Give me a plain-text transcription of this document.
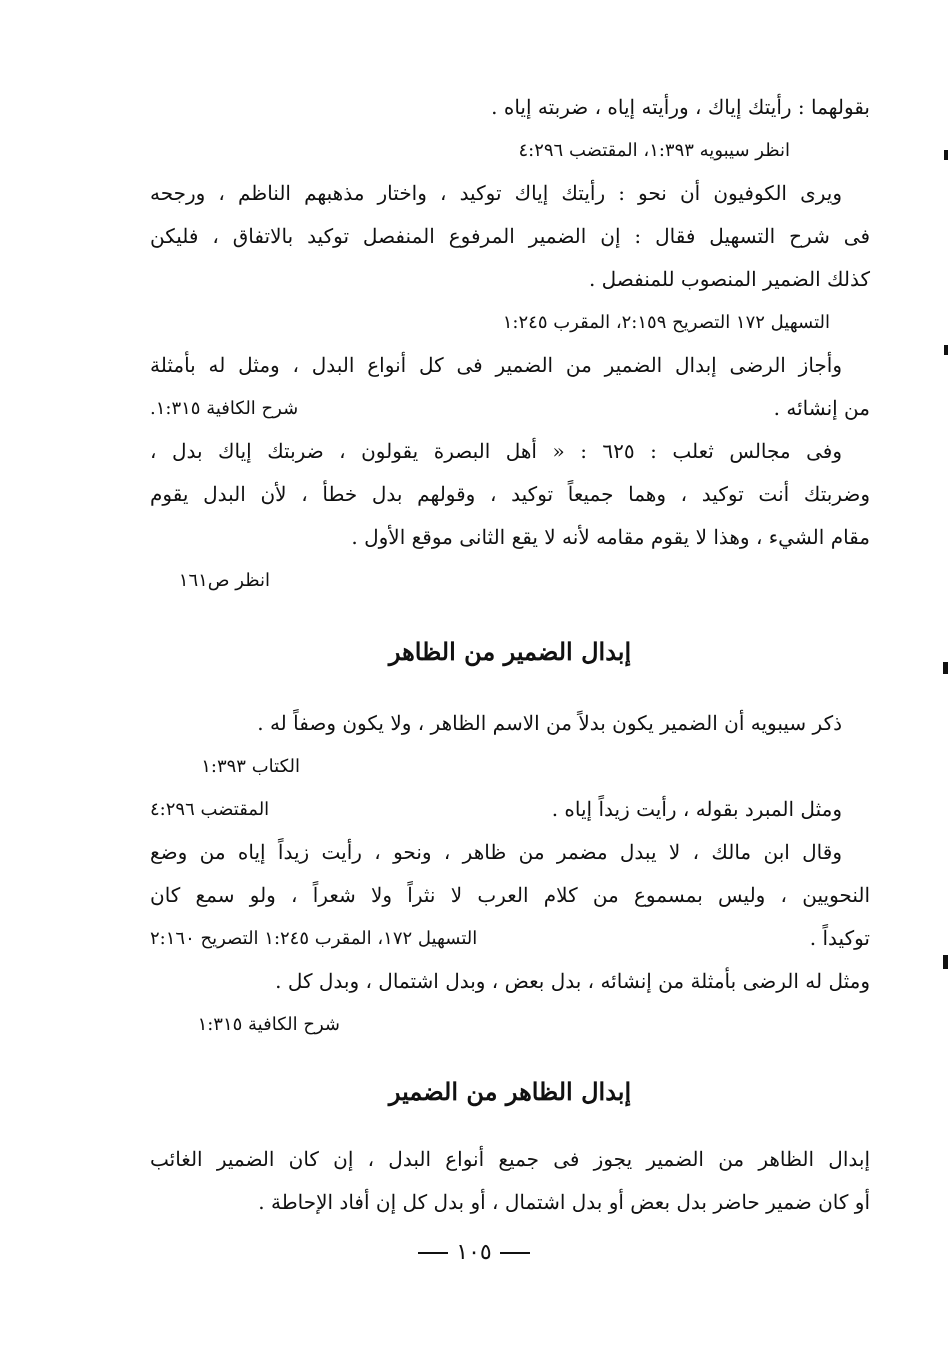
بقولهما : رأيتك إياك ، ورأيته إياه ، ضربته إياه .
انظر سيبويه ١:٣٩٣، المقتضب ٤:٢٩٦
ويرى الكوفيون أن نحو : رأيتك إياك توكيد ، واختار مذهبهم الناظم ، ورجحه
فى شرح التسهيل فقال : إن الضمير المرفوع المنفصل توكيد بالاتفاق ، فليكن
كذلك الضمير المنصوب للمنفصل .
التسهيل ١٧٢ التصريح ٢:١٥٩، المقرب ١:٢٤٥
وأجاز الرضى إبدال الضمير من الضمير فى كل أنواع البدل ، ومثل له بأمثلة
من إنشائه .
شرح الكافية ١:٣١٥.
وفى مجالس ثعلب : ٦٢٥ : « أهل البصرة يقولون ، ضربتك إياك بدل ،
وضربتك أنت توكيد ، وهما جميعاً توكيد ، وقولهم بدل خطأ ، لأن البدل يقوم
مقام الشيء ، وهذا لا يقوم مقامه لأنه لا يقع الثانى موقع الأول .
انظر ص١٦١
إبدال الضمير من الظاهر
ذكر سيبويه أن الضمير يكون بدلاً من الاسم الظاهر ، ولا يكون وصفاً له .
الكتاب ١:٣٩٣
ومثل المبرد بقوله ، رأيت زيداً إياه .
المقتضب ٤:٢٩٦
وقال ابن مالك ، لا يبدل مضمر من ظاهر ، ونحو ، رأيت زيداً إياه من وضع
النحويين ، وليس بمسموع من كلام العرب لا نثراً ولا شعراً ، ولو سمع كان
توكيداً .
التسهيل ١٧٢، المقرب ١:٢٤٥ التصريح ٢:١٦٠
ومثل له الرضى بأمثلة من إنشائه ، بدل بعض ، وبدل اشتمال ، وبدل كل .
شرح الكافية ١:٣١٥
إبدال الظاهر من الضمير
إبدال الظاهر من الضمير يجوز فى جميع أنواع البدل ، إن كان الضمير الغائب
أو كان ضمير حاضر بدل بعض أو بدل اشتمال ، أو بدل كل إن أفاد الإحاطة .
١٠٥
